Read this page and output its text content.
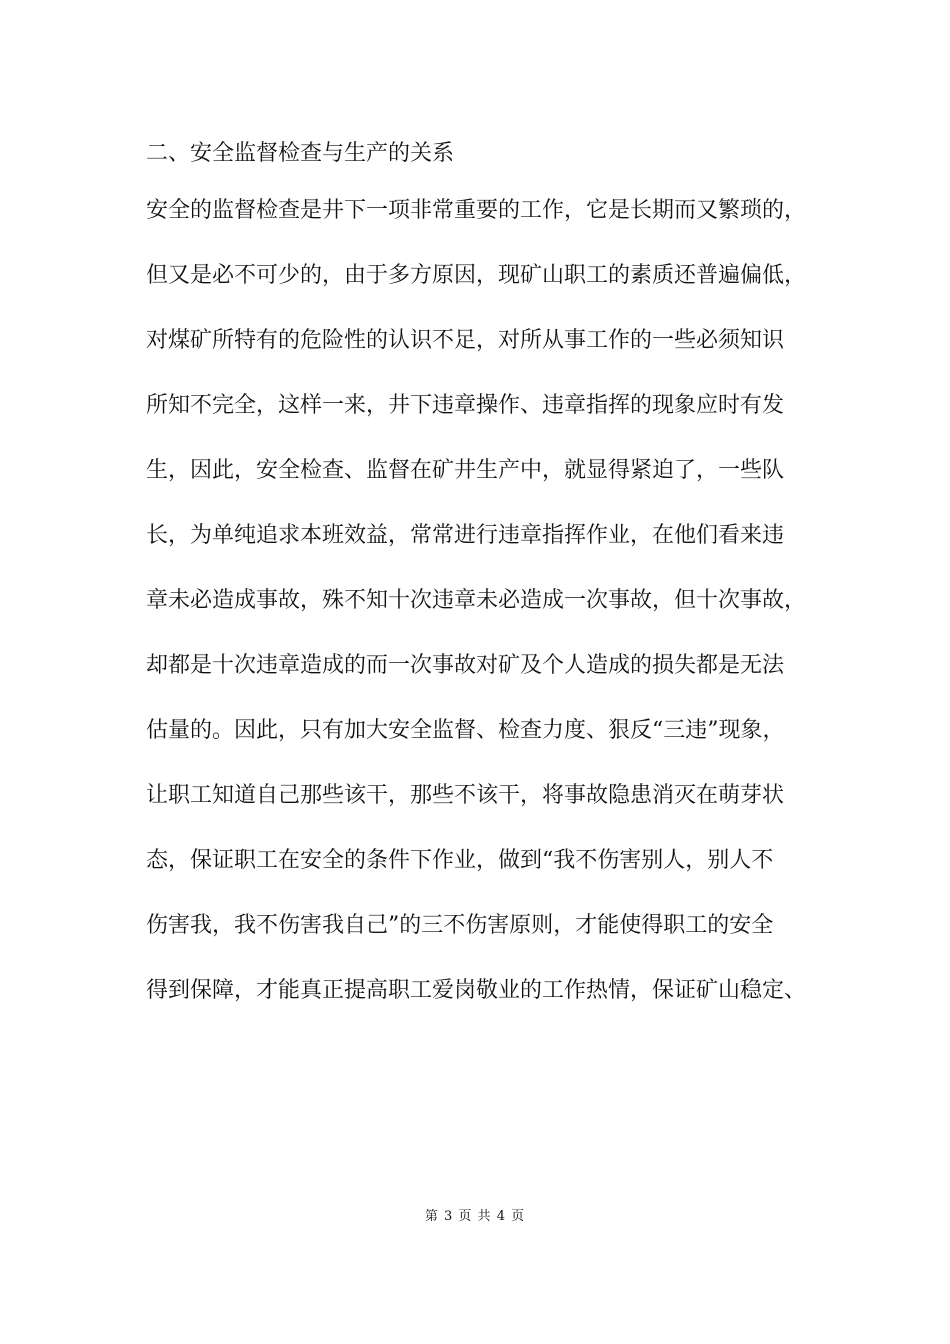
二、安全监督检查与生产的关系
安全的监督检查是井下一项非常重要的工作，它是长期而又繁琐的，
但又是必不可少的，由于多方原因，现矿山职工的素质还普遍偏低，
对煤矿所特有的危险性的认识不足，对所从事工作的一些必须知识
所知不完全，这样一来，井下违章操作、违章指挥的现象应时有发
生，因此，安全检查、监督在矿井生产中，就显得紧迫了，一些队
长，为单纯追求本班效益，常常进行违章指挥作业，在他们看来违
章未必造成事故，殊不知十次违章未必造成一次事故，但十次事故，
却都是十次违章造成的而一次事故对矿及个人造成的损失都是无法
估量的。因此，只有加大安全监督、检查力度、狠反“三违”现象，
让职工知道自己那些该干，那些不该干，将事故隐患消灭在萌芽状
态，保证职工在安全的条件下作业，做到“我不伤害别人，别人不
伤害我，我不伤害我自己”的三不伤害原则，才能使得职工的安全
得到保障，才能真正提高职工爱岗敬业的工作热情，保证矿山稳定、
第 3 页 共 4 页
